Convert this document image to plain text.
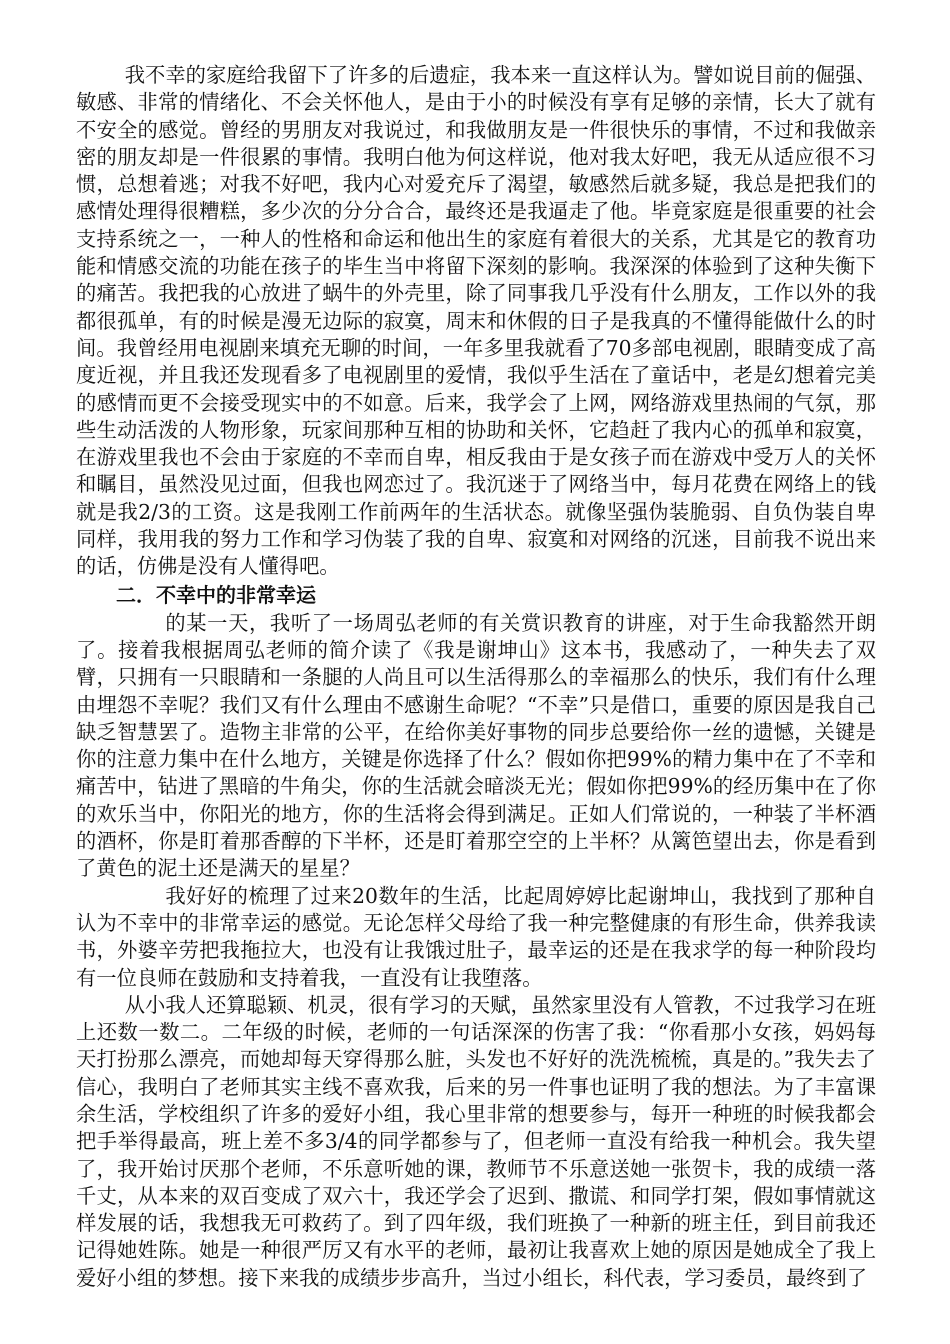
我不幸的家庭给我留下了许多的后遗症，我本来一直这样认为。譬如说目前的倔强、敏感、非常的情绪化、不会关怀他人，是由于小的时候没有享有足够的亲情，长大了就有不安全的感觉。曾经的男朋友对我说过，和我做朋友是一件很快乐的事情，不过和我做亲密的朋友却是一件很累的事情。我明白他为何这样说，他对我太好吧，我无从适应很不习惯，总想着逃；对我不好吧，我内心对爱充斥了渴望，敏感然后就多疑，我总是把我们的感情处理得很糟糕，多少次的分分合合，最终还是我逼走了他。毕竟家庭是很重要的社会支持系统之一，一种人的性格和命运和他出生的家庭有着很大的关系，尤其是它的教育功能和情感交流的功能在孩子的毕生当中将留下深刻的影响。我深深的体验到了这种失衡下的痛苦。我把我的心放进了蜗牛的外壳里，除了同事我几乎没有什么朋友，工作以外的我都很孤单，有的时候是漫无边际的寂寞，周末和休假的日子是我真的不懂得能做什么的时间。我曾经用电视剧来填充无聊的时间，一年多里我就看了70多部电视剧，眼睛变成了高度近视，并且我还发现看多了电视剧里的爱情，我似乎生活在了童话中，老是幻想着完美的感情而更不会接受现实中的不如意。后来，我学会了上网，网络游戏里热闹的气氛，那些生动活泼的人物形象，玩家间那种互相的协助和关怀，它趋赶了我内心的孤单和寂寞，在游戏里我也不会由于家庭的不幸而自卑，相反我由于是女孩子而在游戏中受万人的关怀和瞩目，虽然没见过面，但我也网恋过了。我沉迷于了网络当中，每月花费在网络上的钱就是我2/3的工资。这是我刚工作前两年的生活状态。就像坚强伪装脆弱、自负伪装自卑同样，我用我的努力工作和学习伪装了我的自卑、寂寞和对网络的沉迷，目前我不说出来的话，仿佛是没有人懂得吧。

二．不幸中的非常幸运

的某一天，我听了一场周弘老师的有关赏识教育的讲座，对于生命我豁然开朗了。接着我根据周弘老师的简介读了《我是谢坤山》这本书，我感动了，一种失去了双臂，只拥有一只眼睛和一条腿的人尚且可以生活得那么的幸福那么的快乐，我们有什么理由埋怨不幸呢？我们又有什么理由不感谢生命呢？“不幸”只是借口，重要的原因是我自己缺乏智慧罢了。造物主非常的公平，在给你美好事物的同步总要给你一丝的遗憾，关键是你的注意力集中在什么地方，关键是你选择了什么？假如你把99%的精力集中在了不幸和痛苦中，钻进了黑暗的牛角尖，你的生活就会暗淡无光；假如你把99%的经历集中在了你的欢乐当中，你阳光的地方，你的生活将会得到满足。正如人们常说的，一种装了半杯酒的酒杯，你是盯着那香醇的下半杯，还是盯着那空空的上半杯？从篱笆望出去，你是看到了黄色的泥土还是满天的星星？

我好好的梳理了过来20数年的生活，比起周婷婷比起谢坤山，我找到了那种自认为不幸中的非常幸运的感觉。无论怎样父母给了我一种完整健康的有形生命，供养我读书，外婆辛劳把我拖拉大，也没有让我饿过肚子，最幸运的还是在我求学的每一种阶段均有一位良师在鼓励和支持着我，一直没有让我堕落。

从小我人还算聪颖、机灵，很有学习的天赋，虽然家里没有人管教，不过我学习在班上还数一数二。二年级的时候，老师的一句话深深的伤害了我：“你看那小女孩，妈妈每天打扮那么漂亮，而她却每天穿得那么脏，头发也不好好的洗洗梳梳，真是的。”我失去了信心，我明白了老师其实主线不喜欢我，后来的另一件事也证明了我的想法。为了丰富课余生活，学校组织了许多的爱好小组，我心里非常的想要参与，每开一种班的时候我都会把手举得最高，班上差不多3/4的同学都参与了，但老师一直没有给我一种机会。我失望了，我开始讨厌那个老师，不乐意听她的课，教师节不乐意送她一张贺卡，我的成绩一落千丈，从本来的双百变成了双六十，我还学会了迟到、撒谎、和同学打架，假如事情就这样发展的话，我想我无可救药了。到了四年级，我们班换了一种新的班主任，到目前我还记得她姓陈。她是一种很严厉又有水平的老师，最初让我喜欢上她的原因是她成全了我上爱好小组的梦想。接下来我的成绩步步高升，当过小组长，科代表，学习委员，最终到了
